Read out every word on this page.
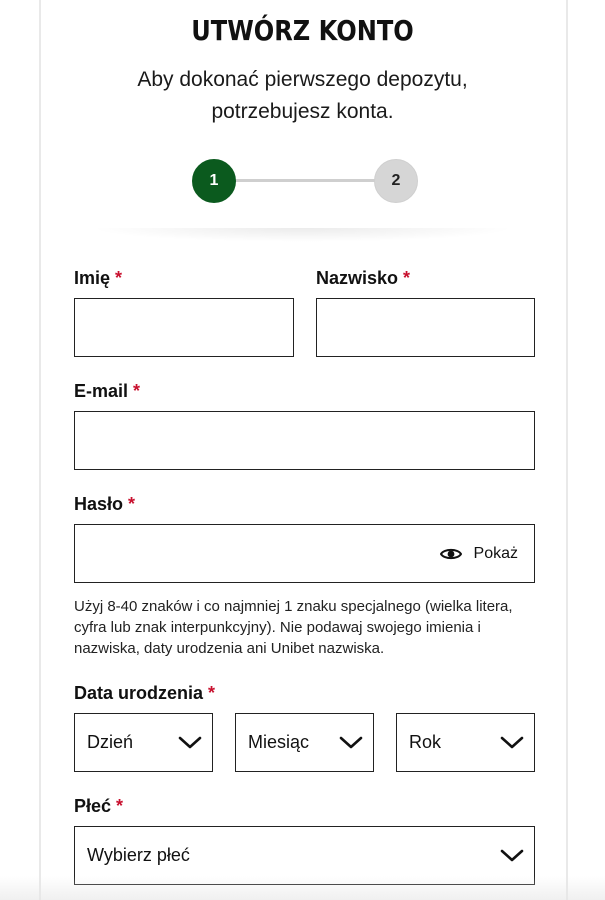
UTWÓRZ KONTO
Aby dokonać pierwszego depozytu,
potrzebujesz konta.
1	2
Imię *	Nazwisko *
E-mail *
Hasło *
Pokaż
Użyj 8-40 znaków i co najmniej 1 znaku specjalnego (wielka litera, cyfra lub znak interpunkcyjny). Nie podawaj swojego imienia i nazwiska, daty urodzenia ani Unibet nazwiska.
Data urodzenia *
Dzień	Miesiąc	Rok
Płeć *
Wybierz płeć
